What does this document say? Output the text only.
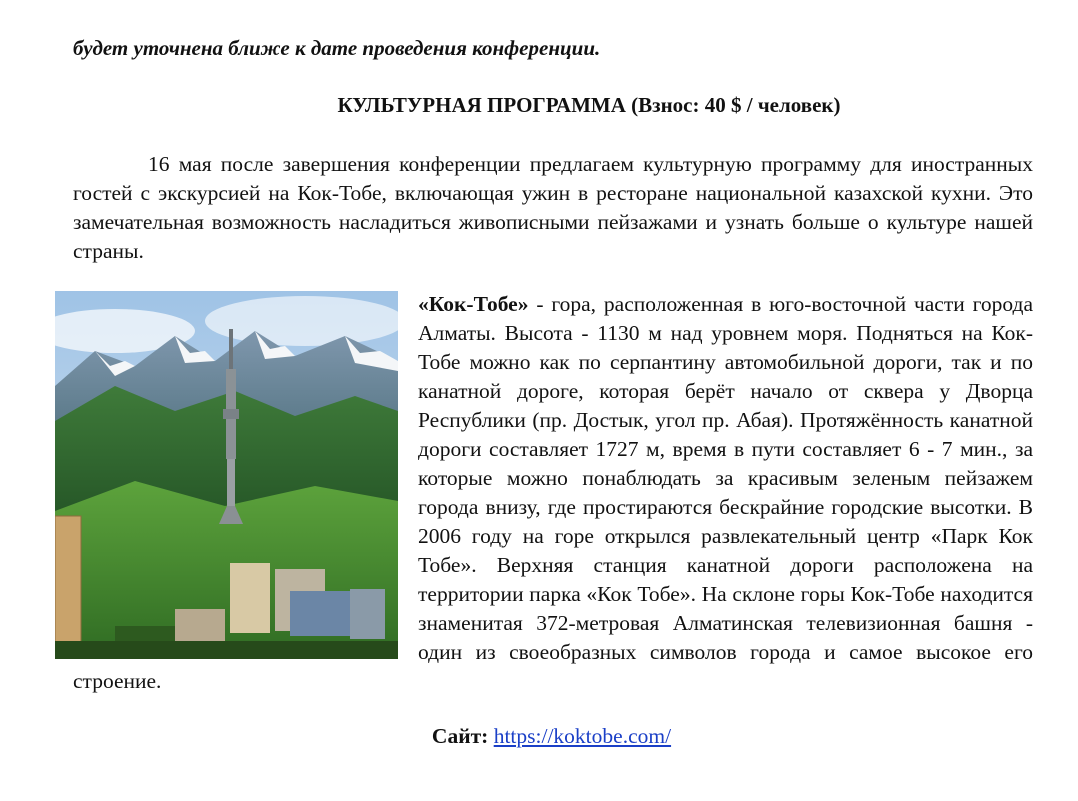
будет уточнена ближе к дате проведения конференции.
КУЛЬТУРНАЯ ПРОГРАММА (Взнос: 40 $ / человек)

16 мая после завершения конференции предлагаем культурную программу для иностранных гостей с экскурсией на Кок-Тобе, включающая ужин в ресторане национальной казахской кухни. Это замечательная возможность насладиться живописными пейзажами и узнать больше о культуре нашей страны.

«Кок-Тобе» - гора, расположенная в юго-восточной части города Алматы. Высота - 1130 м над уровнем моря. Подняться на Кок-Тобе можно как по серпантину автомобильной дороги, так и по канатной дороге, которая берёт начало от сквера у Дворца Республики (пр. Достык, угол пр. Абая). Протяжённость канатной дороги составляет 1727 м, время в пути составляет 6 - 7 мин., за которые можно понаблюдать за красивым зеленым пейзажем города внизу, где простираются бескрайние городские высотки. В 2006 году на горе открылся развлекательный центр «Парк Кок Тобе». Верхняя станция канатной дороги расположена на территории парка «Кок Тобе». На склоне горы Кок-Тобе находится знаменитая 372-метровая Алматинская телевизионная башня - один из своеобразных символов города и самое высокое его строение.

Сайт: https://koktobe.com/
